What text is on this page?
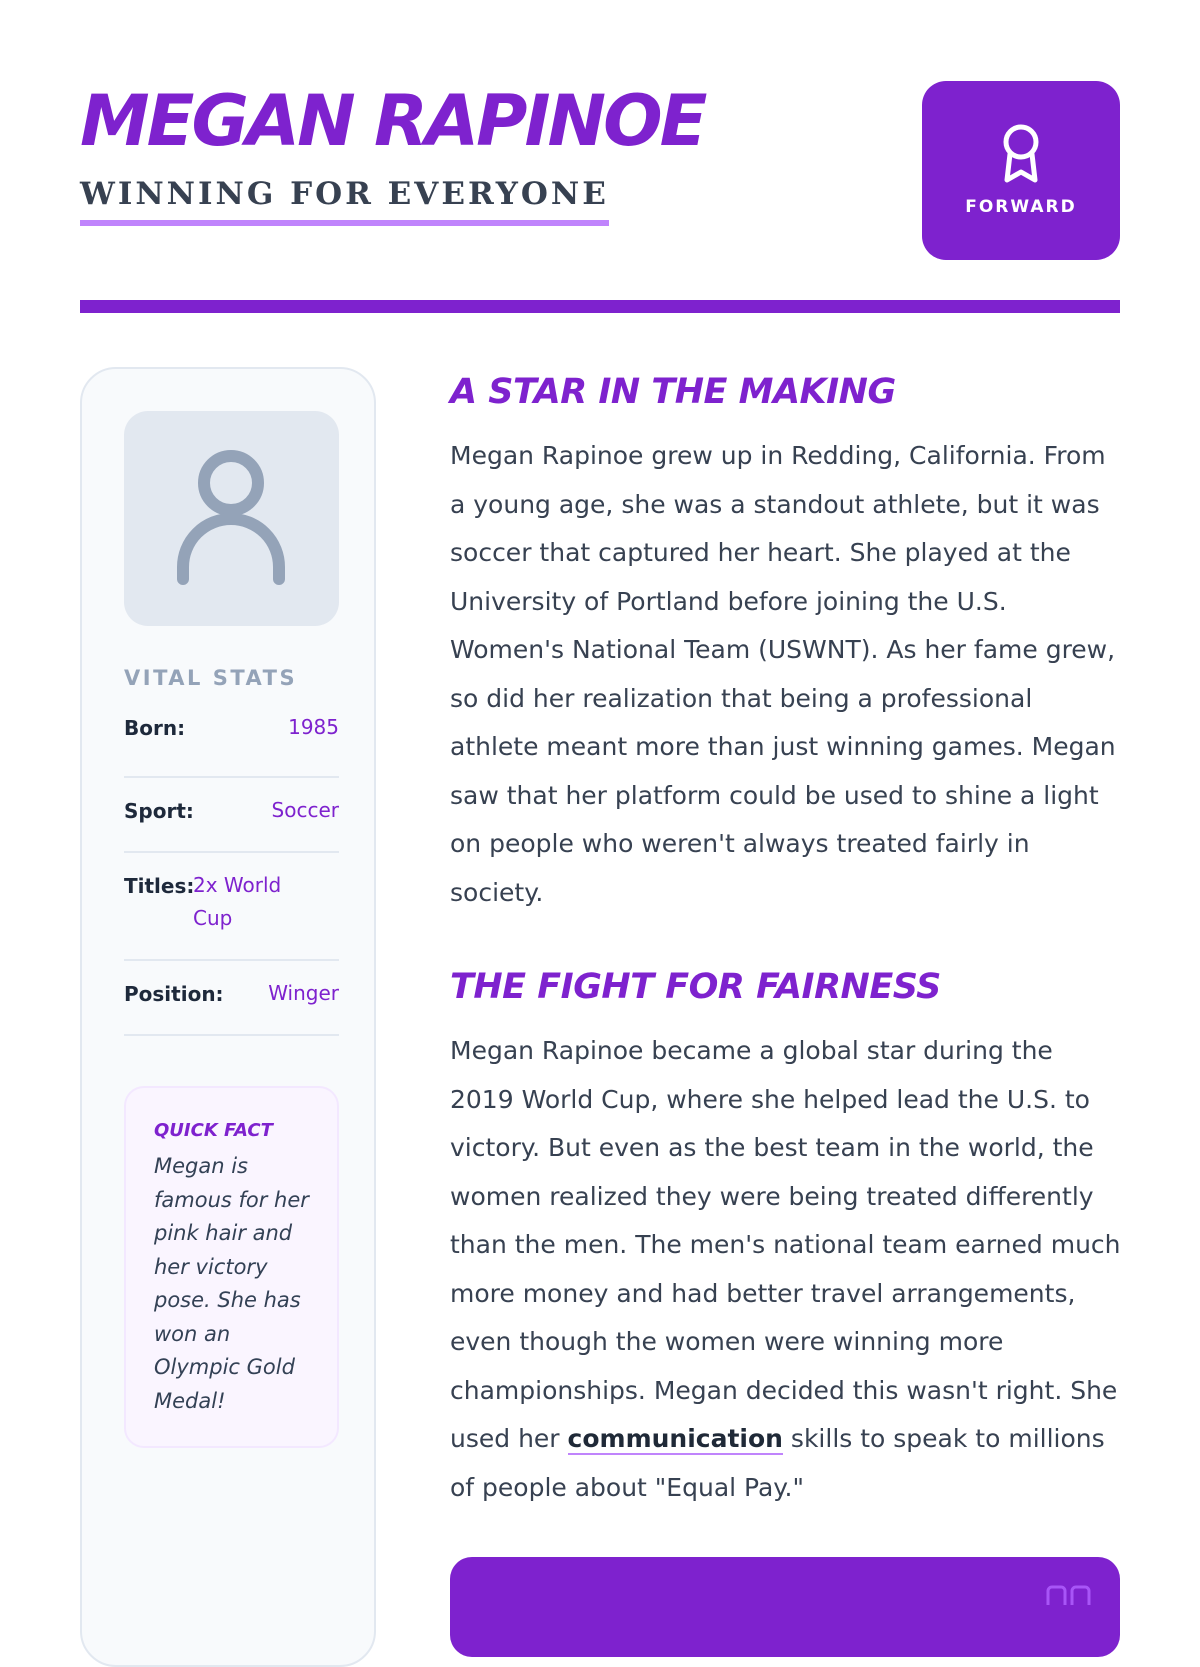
MEGAN RAPINOE
WINNING FOR EVERYONE	FORWARD
VITAL STATS
Born:	1985
Sport:	Soccer
Titles:
2x World Cup
Position: Winger
QUICK FACT
Megan is famous for her pink hair and her victory pose. She has won an Olympic Gold Medal!
A STAR IN THE MAKING

Megan Rapinoe grew up in Redding, California. From a young age, she was a standout athlete, but it was soccer that captured her heart. She played at the University of Portland before joining the U.S. Women's National Team (USWNT). As her fame grew, so did her realization that being a professional athlete meant more than just winning games. Megan saw that her platform could be used to shine a light on people who weren't always treated fairly in society.

THE FIGHT FOR FAIRNESS

Megan Rapinoe became a global star during the 2019 World Cup, where she helped lead the U.S. to victory. But even as the best team in the world, the women realized they were being treated differently than the men. The men's national team earned much more money and had better travel arrangements, even though the women were winning more championships. Megan decided this wasn't right. She used her communication skills to speak to millions of people about "Equal Pay."
